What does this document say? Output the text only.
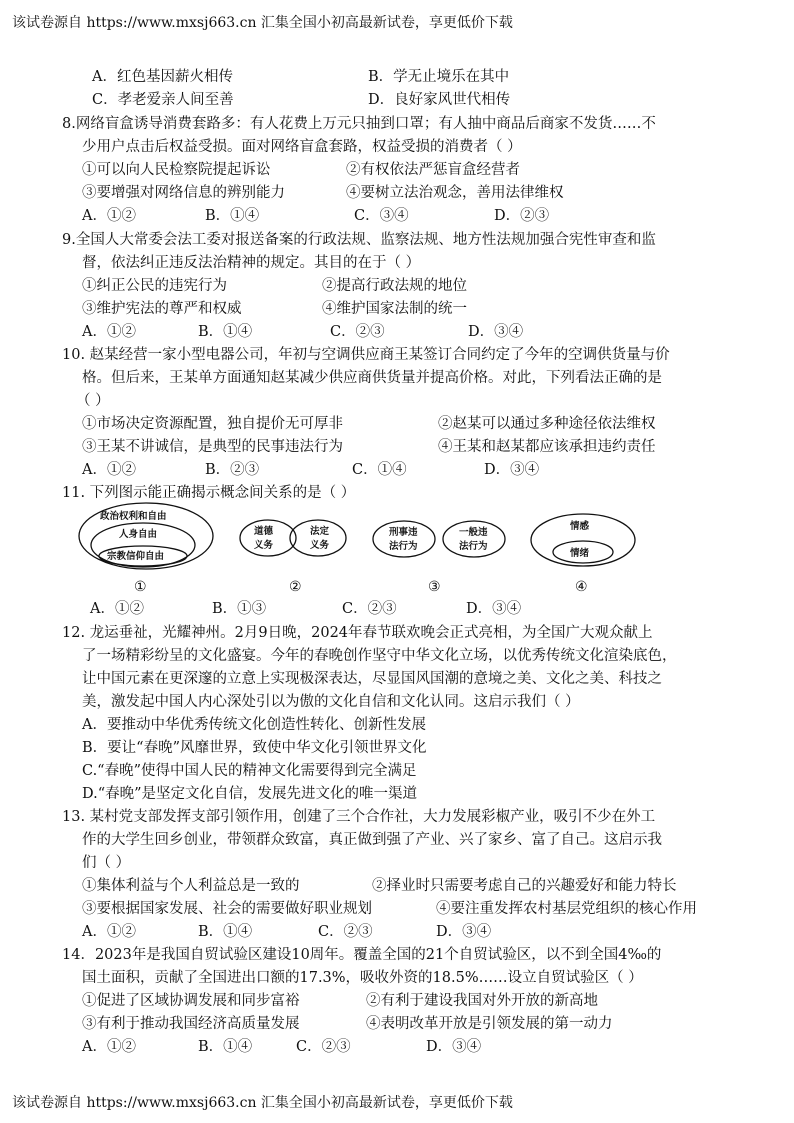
该试卷源自 https://www.mxsj663.cn 汇集全国小初高最新试卷，享更低价下载
A．红色基因薪火相传	B．学无止境乐在其中
C．孝老爱亲人间至善	D．良好家风世代相传
8.网络盲盒诱导消费套路多：有人花费上万元只抽到口罩；有人抽中商品后商家不发货……不
少用户点击后权益受损。面对网络盲盒套路，权益受损的消费者（ ）
①可以向人民检察院提起诉讼	②有权依法严惩盲盒经营者
③要增强对网络信息的辨别能力	④要树立法治观念，善用法律维权
A．①②	B．①④	C．③④	D．②③
9.全国人大常委会法工委对报送备案的行政法规、监察法规、地方性法规加强合宪性审查和监
督，依法纠正违反法治精神的规定。其目的在于（ ）
①纠正公民的违宪行为	②提高行政法规的地位
③维护宪法的尊严和权威	④维护国家法制的统一
A．①②	B．①④	C．②③	D．③④
10. 赵某经营一家小型电器公司，年初与空调供应商王某签订合同约定了今年的空调供货量与价
格。但后来，王某单方面通知赵某减少供应商供货量并提高价格。对此，下列看法正确的是
（ ）
①市场决定资源配置，独自提价无可厚非	②赵某可以通过多种途径依法维权
③王某不讲诚信，是典型的民事违法行为	④王某和赵某都应该承担违约责任
A．①②	B．②③	C．①④	D．③④
11. 下列图示能正确揭示概念间关系的是（ ）
政治权利和自由
人身自由
宗教信仰自由
道德
义务
法定
义务
刑事违
法行为
一般违
法行为
情感
情绪
①	②	③	④
A．①②	B．①③	C．②③	D．③④
12. 龙运垂祉，光耀神州。2月9日晚，2024年春节联欢晚会正式亮相，为全国广大观众献上
了一场精彩纷呈的文化盛宴。今年的春晚创作坚守中华文化立场，以优秀传统文化渲染底色，
让中国元素在更深邃的立意上实现极深表达，尽显国风国潮的意境之美、文化之美、科技之
美，激发起中国人内心深处引以为傲的文化自信和文化认同。这启示我们（ ）
A．要推动中华优秀传统文化创造性转化、创新性发展
B．要让“春晚”风靡世界，致使中华文化引领世界文化
C.“春晚”使得中国人民的精神文化需要得到完全满足
D.“春晚”是坚定文化自信，发展先进文化的唯一渠道
13. 某村党支部发挥支部引领作用，创建了三个合作社，大力发展彩椒产业，吸引不少在外工
作的大学生回乡创业，带领群众致富，真正做到强了产业、兴了家乡、富了自己。这启示我
们（ ）
①集体利益与个人利益总是一致的	②择业时只需要考虑自己的兴趣爱好和能力特长
③要根据国家发展、社会的需要做好职业规划	④要注重发挥农村基层党组织的核心作用
A．①②	B．①④	C．②③	D．③④
14．2023年是我国自贸试验区建设10周年。覆盖全国的21个自贸试验区，以不到全国4‰的
国土面积，贡献了全国进出口额的17.3%，吸收外资的18.5%……设立自贸试验区（ ）
①促进了区域协调发展和同步富裕	②有利于建设我国对外开放的新高地
③有利于推动我国经济高质量发展	④表明改革开放是引领发展的第一动力
A．①②	B．①④	C．②③	D．③④
该试卷源自 https://www.mxsj663.cn 汇集全国小初高最新试卷，享更低价下载
